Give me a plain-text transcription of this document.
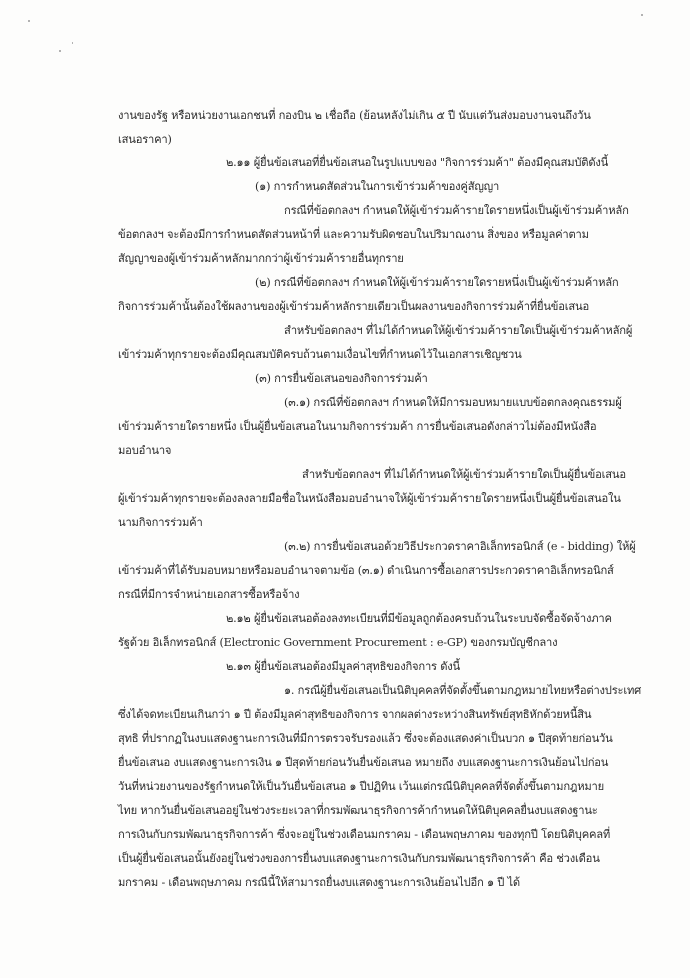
งานของรัฐ หรือหน่วยงานเอกชนที่ กองบิน ๒ เชื่อถือ (ย้อนหลังไม่เกิน ๕ ปี นับแต่วันส่งมอบงานจนถึงวัน
เสนอราคา)
๒.๑๑ ผู้ยื่นข้อเสนอที่ยื่นข้อเสนอในรูปแบบของ "กิจการร่วมค้า" ต้องมีคุณสมบัติดังนี้
(๑) การกำหนดสัดส่วนในการเข้าร่วมค้าของคู่สัญญา
กรณีที่ข้อตกลงฯ กำหนดให้ผู้เข้าร่วมค้ารายใดรายหนึ่งเป็นผู้เข้าร่วมค้าหลัก
ข้อตกลงฯ จะต้องมีการกำหนดสัดส่วนหน้าที่ และความรับผิดชอบในปริมาณงาน สิ่งของ หรือมูลค่าตาม
สัญญาของผู้เข้าร่วมค้าหลักมากกว่าผู้เข้าร่วมค้ารายอื่นทุกราย
(๒) กรณีที่ข้อตกลงฯ กำหนดให้ผู้เข้าร่วมค้ารายใดรายหนึ่งเป็นผู้เข้าร่วมค้าหลัก
กิจการร่วมค้านั้นต้องใช้ผลงานของผู้เข้าร่วมค้าหลักรายเดียวเป็นผลงานของกิจการร่วมค้าที่ยื่นข้อเสนอ
สำหรับข้อตกลงฯ ที่ไม่ได้กำหนดให้ผู้เข้าร่วมค้ารายใดเป็นผู้เข้าร่วมค้าหลักผู้
เข้าร่วมค้าทุกรายจะต้องมีคุณสมบัติครบถ้วนตามเงื่อนไขที่กำหนดไว้ในเอกสารเชิญชวน
(๓) การยื่นข้อเสนอของกิจการร่วมค้า
(๓.๑) กรณีที่ข้อตกลงฯ กำหนดให้มีการมอบหมายแบบข้อตกลงคุณธรรมผู้
เข้าร่วมค้ารายใดรายหนึ่ง เป็นผู้ยื่นข้อเสนอในนามกิจการร่วมค้า การยื่นข้อเสนอดังกล่าวไม่ต้องมีหนังสือ
มอบอำนาจ
สำหรับข้อตกลงฯ ที่ไม่ได้กำหนดให้ผู้เข้าร่วมค้ารายใดเป็นผู้ยื่นข้อเสนอ
ผู้เข้าร่วมค้าทุกรายจะต้องลงลายมือชื่อในหนังสือมอบอำนาจให้ผู้เข้าร่วมค้ารายใดรายหนึ่งเป็นผู้ยื่นข้อเสนอใน
นามกิจการร่วมค้า
(๓.๒) การยื่นข้อเสนอด้วยวิธีประกวดราคาอิเล็กทรอนิกส์ (e - bidding) ให้ผู้
เข้าร่วมค้าที่ได้รับมอบหมายหรือมอบอำนาจตามข้อ (๓.๑) ดำเนินการซื้อเอกสารประกวดราคาอิเล็กทรอนิกส์
กรณีที่มีการจำหน่ายเอกสารซื้อหรือจ้าง
๒.๑๒ ผู้ยื่นข้อเสนอต้องลงทะเบียนที่มีข้อมูลถูกต้องครบถ้วนในระบบจัดซื้อจัดจ้างภาค
รัฐด้วย อิเล็กทรอนิกส์ (Electronic Government Procurement : e-GP) ของกรมบัญชีกลาง
๒.๑๓ ผู้ยื่นข้อเสนอต้องมีมูลค่าสุทธิของกิจการ ดังนี้
๑. กรณีผู้ยื่นข้อเสนอเป็นนิติบุคคลที่จัดตั้งขึ้นตามกฎหมายไทยหรือต่างประเทศ
ซึ่งได้จดทะเบียนเกินกว่า ๑ ปี ต้องมีมูลค่าสุทธิของกิจการ จากผลต่างระหว่างสินทรัพย์สุทธิหักด้วยหนี้สิน
สุทธิ ที่ปรากฏในงบแสดงฐานะการเงินที่มีการตรวจรับรองแล้ว ซึ่งจะต้องแสดงค่าเป็นบวก ๑ ปีสุดท้ายก่อนวัน
ยื่นข้อเสนอ งบแสดงฐานะการเงิน ๑ ปีสุดท้ายก่อนวันยื่นข้อเสนอ หมายถึง งบแสดงฐานะการเงินย้อนไปก่อน
วันที่หน่วยงานของรัฐกำหนดให้เป็นวันยื่นข้อเสนอ ๑ ปีปฏิทิน เว้นแต่กรณีนิติบุคคลที่จัดตั้งขึ้นตามกฎหมาย
ไทย หากวันยื่นข้อเสนออยู่ในช่วงระยะเวลาที่กรมพัฒนาธุรกิจการค้ากำหนดให้นิติบุคคลยื่นงบแสดงฐานะ
การเงินกับกรมพัฒนาธุรกิจการค้า ซึ่งจะอยู่ในช่วงเดือนมกราคม - เดือนพฤษภาคม ของทุกปี โดยนิติบุคคลที่
เป็นผู้ยื่นข้อเสนอนั้นยังอยู่ในช่วงของการยื่นงบแสดงฐานะการเงินกับกรมพัฒนาธุรกิจการค้า คือ ช่วงเดือน
มกราคม - เดือนพฤษภาคม กรณีนี้ให้สามารถยื่นงบแสดงฐานะการเงินย้อนไปอีก ๑ ปี ได้
